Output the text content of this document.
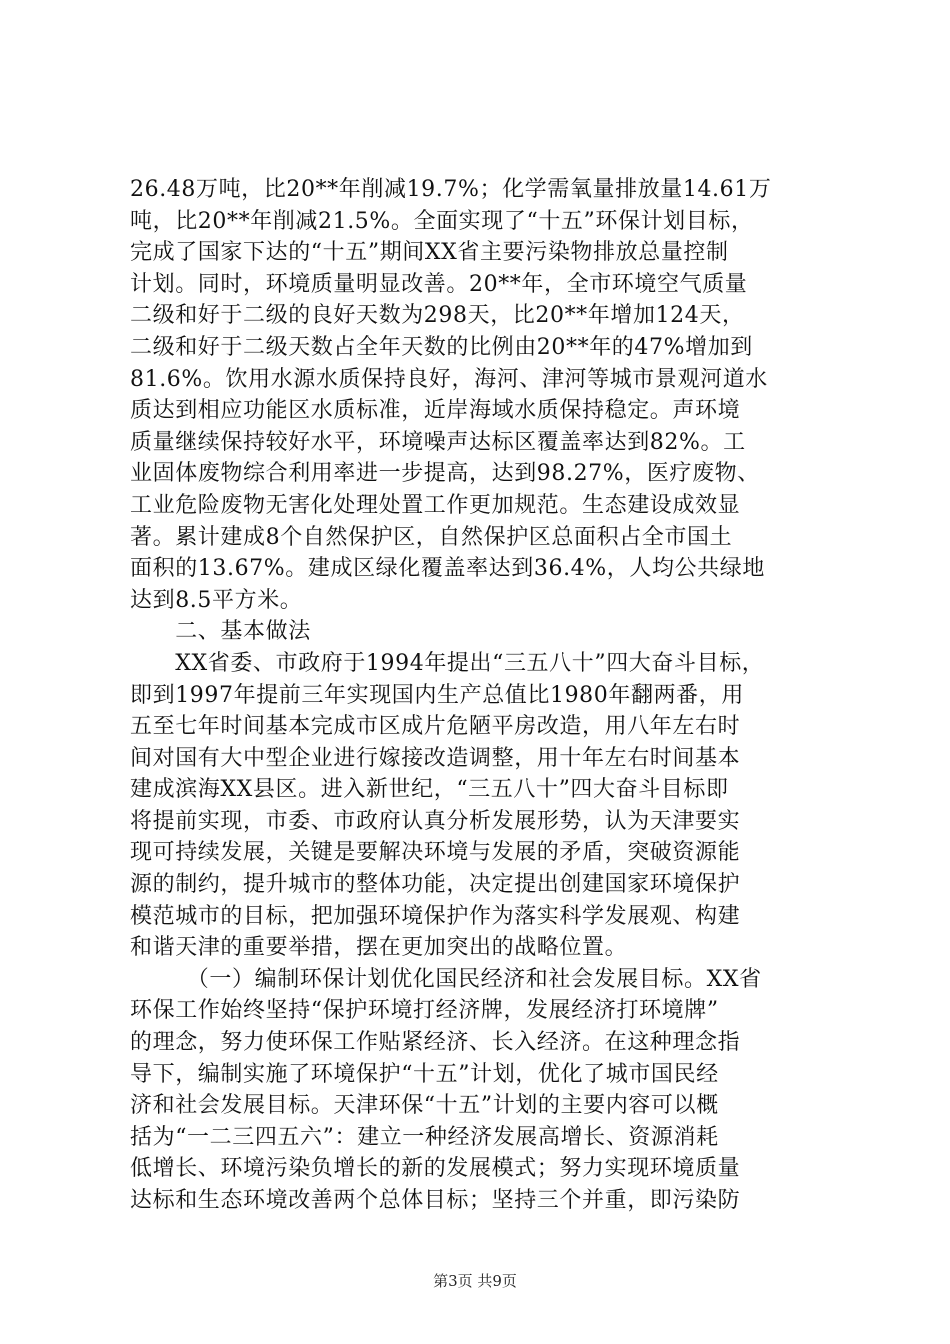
26.48万吨，比20**年削减19.7%；化学需氧量排放量14.61万
吨，比20**年削减21.5%。全面实现了“十五”环保计划目标，
完成了国家下达的“十五”期间XX省主要污染物排放总量控制
计划。同时，环境质量明显改善。20**年，全市环境空气质量
二级和好于二级的良好天数为298天，比20**年增加124天，
二级和好于二级天数占全年天数的比例由20**年的47%增加到
81.6%。饮用水源水质保持良好，海河、津河等城市景观河道水
质达到相应功能区水质标准，近岸海域水质保持稳定。声环境
质量继续保持较好水平，环境噪声达标区覆盖率达到82%。工
业固体废物综合利用率进一步提高，达到98.27%，医疗废物、
工业危险废物无害化处理处置工作更加规范。生态建设成效显
著。累计建成8个自然保护区，自然保护区总面积占全市国土
面积的13.67%。建成区绿化覆盖率达到36.4%，人均公共绿地
达到8.5平方米。
　　二、基本做法
　　XX省委、市政府于1994年提出“三五八十”四大奋斗目标，
即到1997年提前三年实现国内生产总值比1980年翻两番，用
五至七年时间基本完成市区成片危陋平房改造，用八年左右时
间对国有大中型企业进行嫁接改造调整，用十年左右时间基本
建成滨海XX县区。进入新世纪，“三五八十”四大奋斗目标即
将提前实现，市委、市政府认真分析发展形势，认为天津要实
现可持续发展，关键是要解决环境与发展的矛盾，突破资源能
源的制约，提升城市的整体功能，决定提出创建国家环境保护
模范城市的目标，把加强环境保护作为落实科学发展观、构建
和谐天津的重要举措，摆在更加突出的战略位置。
　　　（一）编制环保计划优化国民经济和社会发展目标。XX省
环保工作始终坚持“保护环境打经济牌，发展经济打环境牌”
的理念，努力使环保工作贴紧经济、长入经济。在这种理念指
导下，编制实施了环境保护“十五”计划，优化了城市国民经
济和社会发展目标。天津环保“十五”计划的主要内容可以概
括为“一二三四五六”：建立一种经济发展高增长、资源消耗
低增长、环境污染负增长的新的发展模式；努力实现环境质量
达标和生态环境改善两个总体目标；坚持三个并重，即污染防
第3页 共9页
